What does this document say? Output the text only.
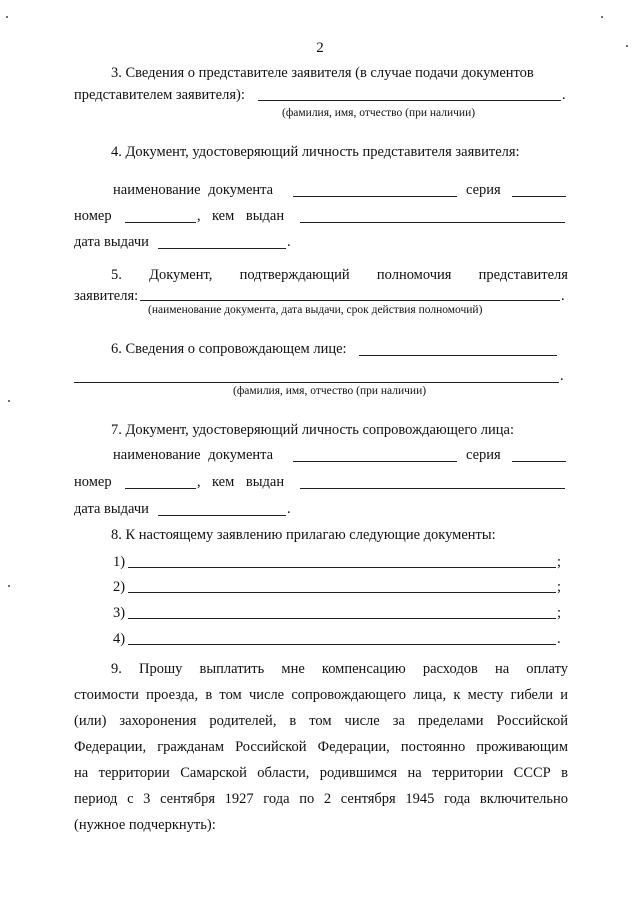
2
3. Сведения о представителе заявителя (в случае подачи документов
представителем заявителя):	.
(фамилия, имя, отчество (при наличии)
4. Документ, удостоверяющий личность представителя заявителя:
наименование документа	серия
номер	, кем выдан
дата выдачи	.
5. Документ, подтверждающий полномочия представителя
заявителя:	.
(наименование документа, дата выдачи, срок действия полномочий)
6. Сведения о сопровождающем лице:
.
(фамилия, имя, отчество (при наличии)
7. Документ, удостоверяющий личность сопровождающего лица:
наименование документа	серия
номер	, кем выдан
дата выдачи	.
8. К настоящему заявлению прилагаю следующие документы:
1)	;
2)	;
3)	;
4)	.
9. Прошу выплатить мне компенсацию расходов на оплату
стоимости проезда, в том числе сопровождающего лица, к месту гибели и
(или) захоронения родителей, в том числе за пределами Российской
Федерации, гражданам Российской Федерации, постоянно проживающим
на территории Самарской области, родившимся на территории СССР в
период с 3 сентября 1927 года по 2 сентября 1945 года включительно
(нужное подчеркнуть):
